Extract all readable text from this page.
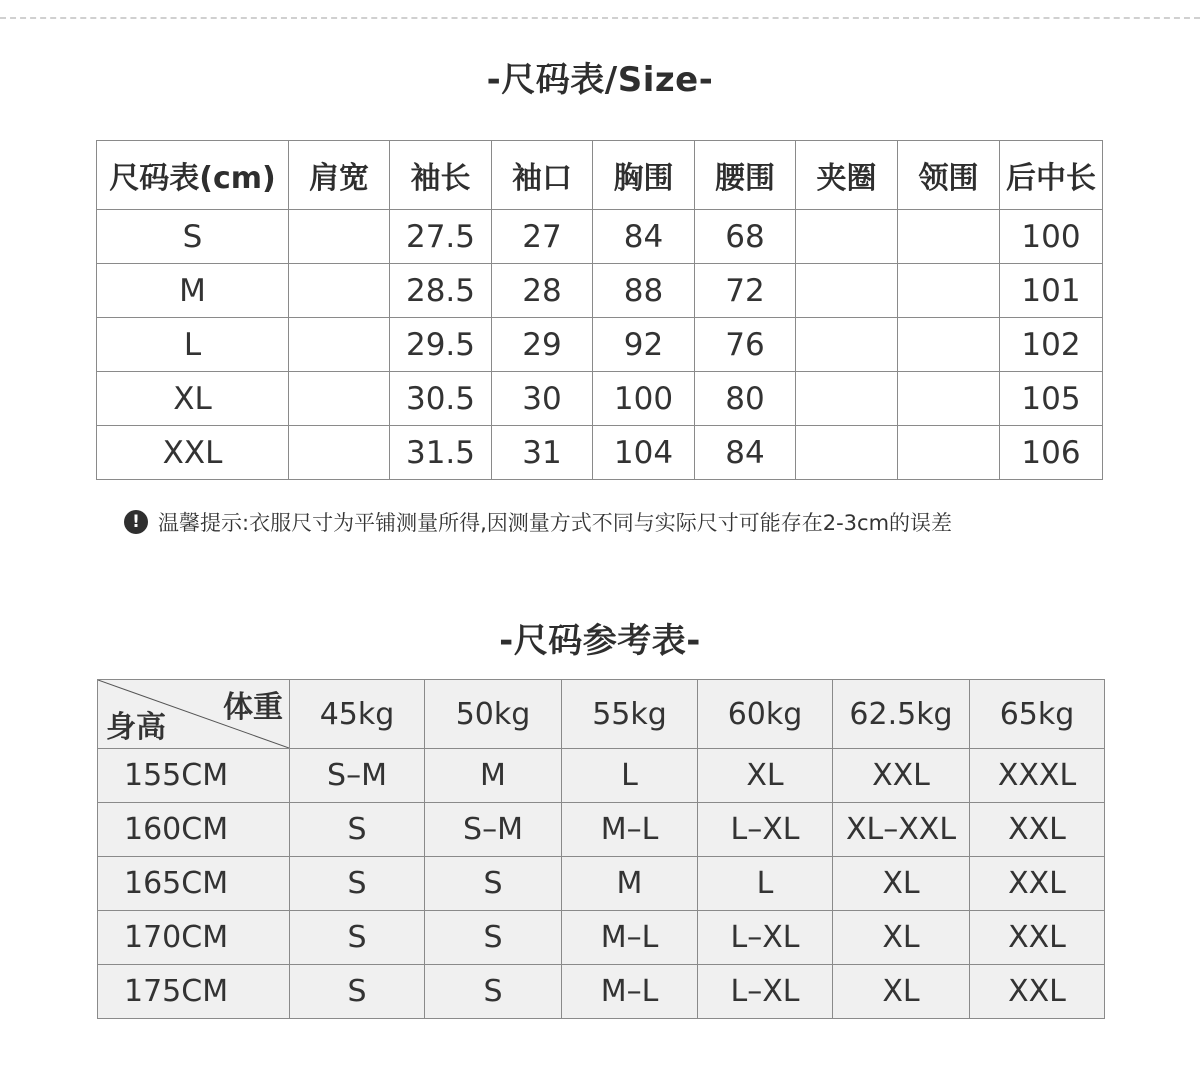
-尺码表/Size-
尺码表(cm)	肩宽	袖长	袖口	胸围	腰围	夹圈	领围	后中长
S		27.5	27	84	68			100
M		28.5	28	88	72			101
L		29.5	29	92	76			102
XL		30.5	30	100	80			105
XXL		31.5	31	104	84			106
! 温馨提示:衣服尺寸为平铺测量所得,因测量方式不同与实际尺寸可能存在2-3cm的误差
-尺码参考表-
体重
身高	45kg	50kg	55kg	60kg	62.5kg	65kg
155CM	S–M	M	L	XL	XXL	XXXL
160CM	S	S–M	M–L	L–XL	XL–XXL	XXL
165CM	S	S	M	L	XL	XXL
170CM	S	S	M–L	L–XL	XL	XXL
175CM	S	S	M–L	L–XL	XL	XXL
